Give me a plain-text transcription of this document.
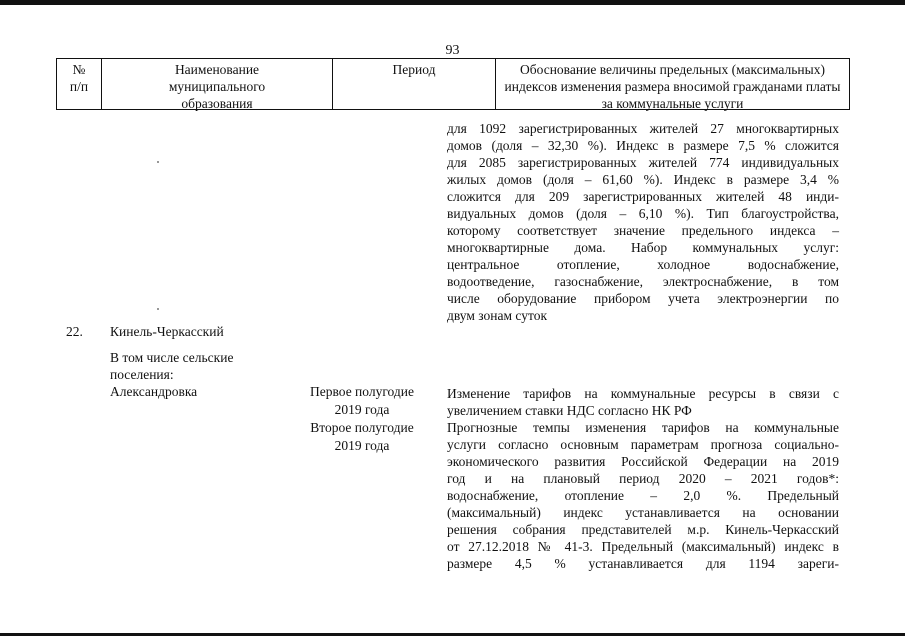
93
№
п/п
Наименование
муниципального
образования
Период	Обоснование величины предельных (максимальных)
индексов изменения размера вносимой гражданами платы
за коммунальные услуги
для 1092 зарегистрированных жителей 27 многоквартирных
домов (доля – 32,30 %). Индекс в размере 7,5 % сложится
для 2085 зарегистрированных жителей 774 индивидуальных
жилых домов (доля – 61,60 %). Индекс в размере 3,4 %
сложится для 209 зарегистрированных жителей 48 инди-
видуальных домов (доля – 6,10 %). Тип благоустройства,
которому соответствует значение предельного индекса –
многоквартирные дома. Набор коммунальных услуг:
центральное отопление, холодное водоснабжение,
водоотведение, газоснабжение, электроснабжение, в том
числе оборудование прибором учета электроэнергии по
двум зонам суток
22. Кинель-Черкасский
В том числе сельские
поселения:
Александровка	Первое полугодие
2019 года
Второе полугодие
2019 года
Изменение тарифов на коммунальные ресурсы в связи с
увеличением ставки НДС согласно НК РФ
Прогнозные темпы изменения тарифов на коммунальные
услуги согласно основным параметрам прогноза социально-
экономического развития Российской Федерации на 2019
год и на плановый период 2020 – 2021 годов*:
водоснабжение, отопление – 2,0 %. Предельный
(максимальный) индекс устанавливается на основании
решения собрания представителей м.р. Кинель-Черкасский
от 27.12.2018 № 41-3. Предельный (максимальный) индекс в
размере 4,5 % устанавливается для 1194 зареги-
